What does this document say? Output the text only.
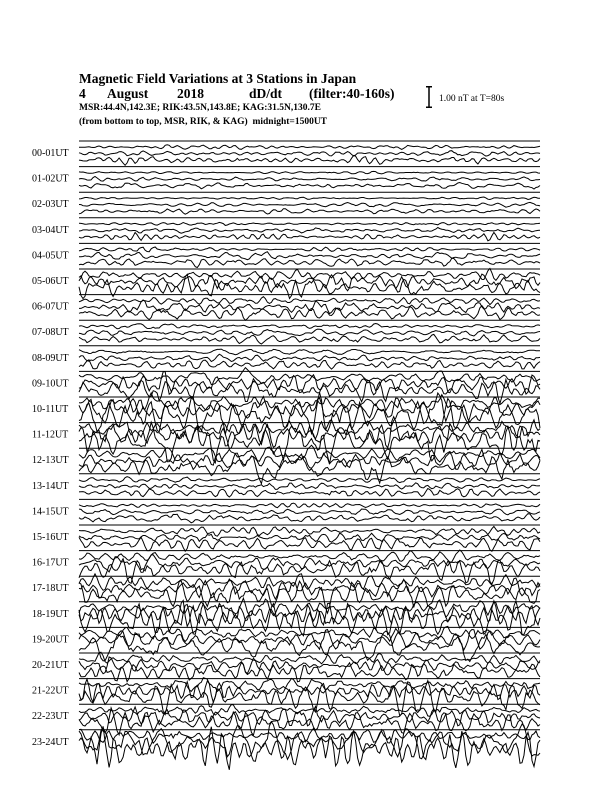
Magnetic Field Variations at 3 Stations in Japan
4 August 2018	dD/dt (filter:40-160s)
MSR:44.4N,142.3E; RIK:43.5N,143.8E; KAG:31.5N,130.7E
(from bottom to top, MSR, RIK, & KAG) midnight=1500UT
1.00 nT at T=80s
00-01UT
01-02UT
02-03UT
03-04UT
04-05UT
05-06UT
06-07UT
07-08UT
08-09UT
09-10UT
10-11UT
11-12UT
12-13UT
13-14UT
14-15UT
15-16UT
16-17UT
17-18UT
18-19UT
19-20UT
20-21UT
21-22UT
22-23UT
23-24UT
